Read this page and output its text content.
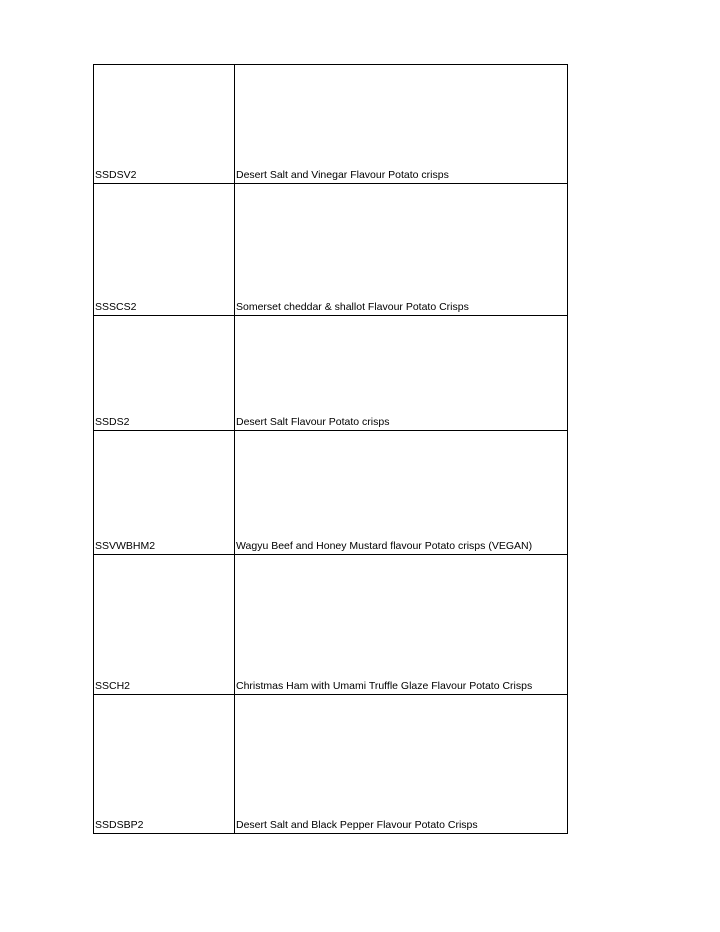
SSDSV2	Desert Salt and Vinegar Flavour Potato crisps
SSSCS2	Somerset cheddar & shallot Flavour Potato Crisps
SSDS2	Desert Salt Flavour Potato crisps
SSVWBHM2	Wagyu Beef and Honey Mustard flavour Potato crisps (VEGAN)
SSCH2	Christmas Ham with Umami Truffle Glaze Flavour Potato Crisps
SSDSBP2	Desert Salt and Black Pepper Flavour Potato Crisps
